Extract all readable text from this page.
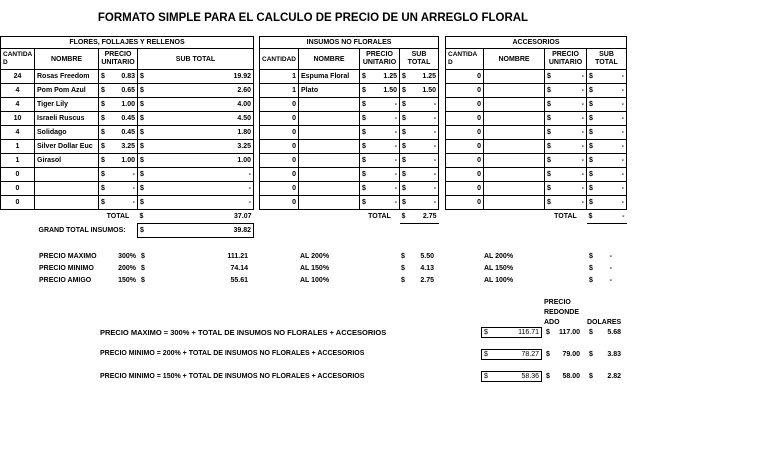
FORMATO SIMPLE PARA EL CALCULO DE PRECIO DE UN ARREGLO FLORAL
FLORES, FOLLAJES Y RELLENOS			
CANTIDA D	NOMBRE	PRECIO UNITARIO	SUB TOTAL
24	Rosas Freedom	$ 0.83	$ 19.92

4	Pom Pom Azul	$ 0.65	$ 2.60

4	Tiger Lily	$ 1.00	$ 4.00

10	Israeli Ruscus	$ 0.45	$ 4.50

4	Solidago	$ 0.45	$ 1.80

1	Silver Dollar Euc	$ 3.25	$ 3.25

1	Girasol	$ 1.00	$ 1.00

0		$ -	$ -

0		$ -	$ -

0		$ -	$ -

		TOTAL	$ 37.07

	GRAND TOTAL INSUMOS:		$ 39.82
INSUMOS NO FLORALES			
CANTIDAD	NOMBRE	PRECIO UNITARIO	SUB TOTAL
1	Espuma Floral	$ 1.25	$ 1.25

1	Plato	$ 1.50	$ 1.50

0		$ -	$ -

0		$ -	$ -

0		$ -	$ -

0		$ -	$ -

0		$ -	$ -

0		$ -	$ -

0		$ -	$ -

0		$ -	$ -

		TOTAL	$ 2.75
ACCESORIOS			
CANTIDA D	NOMBRE	PRECIO UNITARIO	SUB TOTAL
0		$ -	$ -

0		$ -	$ -

0		$ -	$ -

0		$ -	$ -

0		$ -	$ -

0		$ -	$ -

0		$ -	$ -

0		$ -	$ -

0		$ -	$ -

0		$ -	$ -

		TOTAL	$ -
PRECIO MAXIMO	300% $	111.21
PRECIO MINIMO	200% $	74.14
PRECIO AMIGO	150% $	55.61
AL 200%	$	5.50
AL 150%	$	4.13
AL 100%	$	2.75
AL 200%	$	-
AL 150%	$	-
AL 100%	$	-
PRECIO REDONDE ADO	DOLARES
PRECIO MAXIMO = 300% + TOTAL DE INSUMOS NO FLORALES + ACCESORIOS	$	116.71 $	117.00 $	5.68
PRECIO MINIMO = 200% + TOTAL DE INSUMOS NO FLORALES + ACCESORIOS	$	78.27 $	79.00 $	3.83
PRECIO MINIMO = 150% + TOTAL DE INSUMOS NO FLORALES + ACCESORIOS	$	58.36 $	58.00 $	2.82
